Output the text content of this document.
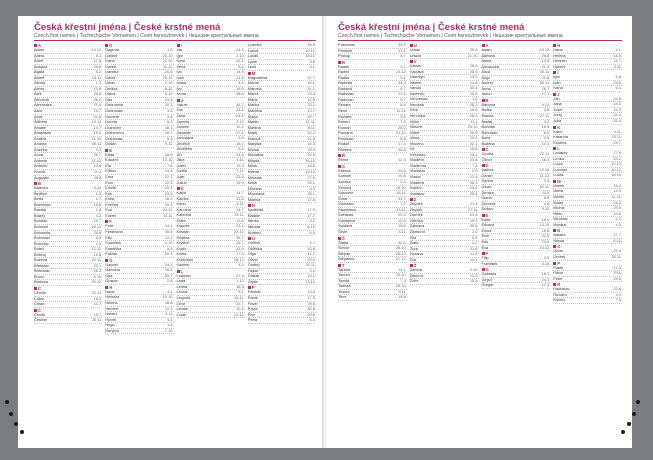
Česká křestní jména | České krstné mená
Czech first names | Tschechische Vornamen | Cseh keresztnevek | Чешские крестильные имена
A
Adam	24.12.
Adéla	8.1.
Adolf	17.6.
Adriana	26.8.
Agáta	5.2.
Albert	15.11.
Albína	1.3.
Alena	13.8.
Aleš	26.6.
Alexandr	26.2.
Alexandra	21.4.
Alice	15.7.
Alois	21.6.
Alžběta	19.11.
Amálie	10.7.
Anastázie	15.4.
Anděla	11.10.
Andrea	30.11.
Anežka	2.3.
Anna	26.7.
Antonie	11.12.
Antonín	13.6.
Arnošt	11.4.
Augustin	28.8.
B
Barbora	4.12.
Bedřich	1.3.
Berta	1.7.
Blahoslav	15.6.
Blanka	1.8.
Blažej	3.2.
Bohdan	19.7.
Bohumil	18.12.
Bohumila	24.8.
Bohuslav	6.9.
Boleslav	1.9.
Bořek	12.12.
Bořivoj	15.8.
Božena	21.11.
Břetislav	23.1.
Bronislav	25.3.
Bruno	6.10.
Blažena	30.12.
C
Cecílie	22.11.
Ctibor	16.5.
Ctirad	11.7.
Č
Čeněk	19.7.
Čestmír	25.11.
D
Dagmar	1.6.
Dalibor	23.10.
Dana	21.10.
Daniel	11.12.
Daniela	26.5.
David	29.12.
Denis	9.10.
Denisa	6.12.
Diana	5.10.
Dita	24.3.
Dobromila	10.3.
Dobroslav	3.3.
Dominik	4.8.
Dorota	6.2.
Drahomír	18.1.
Drahomíra	18.7.
Drahoslav	5.3.
Dušan	9.12.
E
Edita	18.9.
Eduard	13.10.
Ela	7.8.
Eliška	14.6.
Ema	22.3.
Emil	22.5.
Emílie	20.4.
Erik	23.5.
Erika	18.2.
Evelína	19.3.
Eva	24.12.
Evžen	13.11.
F
Felix	14.1.
Ferdinand	30.5.
Filip	12.1.
František	4.10.
Františka	9.3.
Fabián	20.1.
G
Gabriel	24.3.
Gabriela	16.3.
Gita	25.7.
Gustav	2.8.
H
Hana	4.1.
Hedvika	15.10.
Helena	18.8.
Herbert	12.3.
Hubert	3.11.
Hynek	1.2.
Hugo	1.4.
Horymír	7.10.
I
Ida	24.4.
Igor	2.10.
Ilona	22.1.
Irena	5.4.
Iva	14.9.
Ivan	24.6.
Ivana	4.4.
Ivo	19.5.
Ivona	28.6.
J
Jakub	25.7.
Jan	24.6.
Jana	24.5.
Jarmila	3.12.
Jaromír	12.2.
Jaroslav	27.4.
Jaroslava	5.6.
Jindřich	15.7.
Jindřiška	9.6.
Jiří	24.4.
Jitka	4.11.
Josef	19.3.
Judita	7.11.
Julie	22.5.
Julius	19.9.
K
Kamil	14.7.
Kamila	31.5.
Karel	4.11.
Karolína	14.7.
Kateřina	25.11.
Klára	12.8.
Klaudie	23.1.
Kristián	22.12.
Kristina	26.7.
Kryštof	25.7.
Kvido	13.9.
Květa	17.6.
Květoslav	28.12.
Kazimír	4.3.
L
Ladislav	27.6.
Lada	1.12.
Lenka	16.3.
Leona	9.1.
Leopold	15.11.
Libor	23.7.
Libuše	10.5.
Lucie	13.12.
Ludmila	16.9.
Luboš	10.12.
Lukáš	18.10.
Lýdie	3.8.
Leoš	3.1.
M
Magdaléna	22.7.
Marcel	16.1.
Marcela	31.1.
Marek	25.4.
Marie	12.9.
Marika	23.2.
Markéta	13.7.
Marta	29.7.
Martin	11.11.
Martina	30.1.
Matěj	24.2.
Matouš	21.9.
Matylda	14.3.
Michal	29.9.
Michaela	22.9.
Milada	26.10.
Milan	18.6.
Milena	19.10.
Miloslav	27.3.
Miloš	25.1.
Miroslav	6.3.
Miroslava	28.1.
Monika	27.8.
N
Naděžda	17.9.
Natálie	27.7.
Nikola	4.2.
Nikolas	6.12.
Norbert	6.6.
O
Oldřich	4.7.
Oldřiška	10.8.
Olga	11.7.
Oliver	29.4.
Ondřej	30.11.
Oskar	3.2.
Otakar	13.1.
Otýlie	13.12.
P
Patricie	13.3.
Patrik	17.3.
Pavel	29.6.
Pavla	30.8.
Petr	29.6.
Petra	6.4.
Česká křestní jména | České krstné mená
Czech first names | Tschechische Vornamen | Cseh keresztnevek | Чешские крестильные имена
Pravoslav	29.3.
Přemysl	17.4.
Prokop	4.7.
R
Radek	3.1.
Radim	23.12.
Radka	5.1.
Radmila	24.3.
Radomil	9.7.
Radoslav	22.6.
Radovan	9.7.
Renata	8.5.
René	12.11.
Richard	3.4.
Robert	7.6.
Roman	28.2.
Romana	21.10.
Rostislav	5.5.
Rudolf	17.4.
Růžena	30.8.
Ř
Řehoř	12.3.
S
Sabina	29.8.
Samuel	20.8.
Sandra	2.4.
Simona	28.10.
Slavomír	16.11.
Soňa	31.7.
Stanislav	7.5.
Stanislava	13.11.
Světlana	20.3.
Svatopluk	10.6.
Svatava	19.8.
Silvie	3.11.
Š
Šárka	30.6.
Šimon	28.10.
Štěpán	26.12.
Štěpánka	27.12.
T
Taťána	12.1.
Tereza	15.10.
Tomáš	7.3.
Tadeáš	28.10.
Teodor	9.11.
Tibor	14.8.
U
Urban	25.5.
Uršula	21.10.
V
Václav	28.9.
Václava	28.5.
Valentýn	14.2.
Valerie	24.8.
Vanda	30.4.
Vavřinec	10.8.
Věnceslav	1.5.
Vendula	28.3.
Věra	16.9.
Veronika	28.2.
Viktor	11.1.
Viktorie	23.12.
Vilém	28.5.
Vilma	29.1.
Vincenc	22.1.
Vít	15.6.
Vítězslav	24.1.
Vladimír	23.5.
Vladimíra	7.4.
Vladislav	2.9.
Vlasta	12.6.
Vlastimil	26.3.
Vojtěch	23.4.
Vratislav	25.4.
Z
Zbyněk	21.3.
Zbyšek	27.11.
Zdeněk	23.6.
Zdeňka	19.1.
Zdislava	30.5.
Zikmund	2.5.
Zita	5.5.
Zlata	2.2.
Zora	31.8.
Zuzana	11.8.
Zoe	14.1.
Ž
Žaneta	2.10.
Želmíra	12.5.
Žofie	15.5.
A
Adam	24.12.
Adriana	26.8.
Alena	13.8.
Alexandra	21.4.
Alica	30.11.
Alojz	21.6.
Andrej	30.11.
Anna	26.7.
Anton	17.1.
B
Barbora	4.12.
Beáta	3.5.
Blanka	27.11.
Blažej	3.2.
Bohdan	15.9.
Bohuslav	6.9.
Boris	2.5.
Božena	10.1.
C
Cecília	22.11.
Ctibor	18.4.
D
Dalibor	23.10.
Daniel	11.12.
Darina	3.3.
Dávid	30.12.
Denisa	22.5.
Diana	8.9.
Dominik	4.8.
Dušan	9.12.
E
Edita	18.9.
Eduard	13.10.
Elena	18.8.
Emil	22.5.
Erik	23.5.
Eva	24.12.
F
Filip	3.5.
František	4.10.
G
Gabriela	16.3.
Gejza	24.3.
Gregor	12.3.
H
Hana	4.1.
Helena	18.8.
Henrich	14.7.
Hubert	3.11.
I
Igor	5.6.
Ivan	24.6.
Ivana	5.4.
J
Ján	24.6.
Jana	24.5.
Jozef	19.3.
Juraj	24.4.
Júlia	22.5.
K
Karol	4.11.
Katarína	25.11.
Kristína	24.7.
L
Ladislav	27.6.
Lenka	23.2.
Lucia	13.12.
Ľubomír	10.12.
Lukáš	18.10.
M
Marek	25.4.
Mária	12.9.
Martin	11.11.
Matej	24.2.
Michal	29.9.
Milan	18.6.
Miroslav	6.3.
Monika	4.5.
N
Natália	27.7.
Nikola	6.12.
O
Oliver	29.4.
Ondrej	30.11.
P
Patrik	17.3.
Pavol	29.6.
Peter	29.6.
R
Radoslav	22.6.
Richard	3.4.
Róbert	7.6.
